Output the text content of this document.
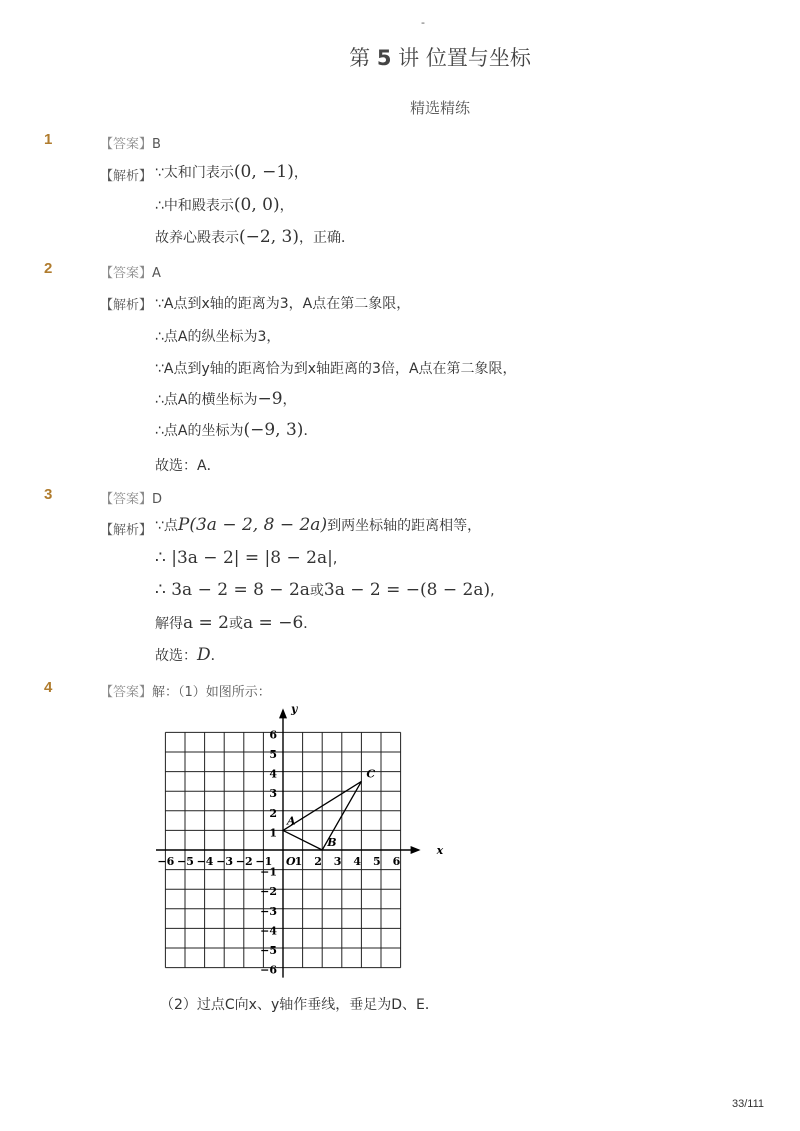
-
第 5 讲 位置与坐标
精选精练
1	【答案】B
【解析】 ∵太和门表示(0, −1)，
∴中和殿表示(0, 0)，
故养心殿表示(−2, 3)，正确．
2	【答案】A
【解析】 ∵A点到x轴的距离为3，A点在第二象限，
∴点A的纵坐标为3，
∵A点到y轴的距离恰为到x轴距离的3倍，A点在第二象限，
∴点A的横坐标为−9，
∴点A的坐标为(−9, 3)．
故选：A．
3	【答案】D
【解析】 ∵点P(3a − 2, 8 − 2a)到两坐标轴的距离相等，
∴ |3a − 2| = |8 − 2a|,
∴ 3a − 2 = 8 − 2a或3a − 2 = −(8 − 2a),
解得a = 2或a = −6．
故选：D．
4	【答案】解：（1）如图所示：
x
y
−6 −5 −4 −3 −2 −1 1 2 3 4 5 6
6
5
4
3
2
1
−1
−2
−3
−4
−5
−6
O
A
B
C
（2）过点C向x、y轴作垂线，垂足为D、E．
33/111
